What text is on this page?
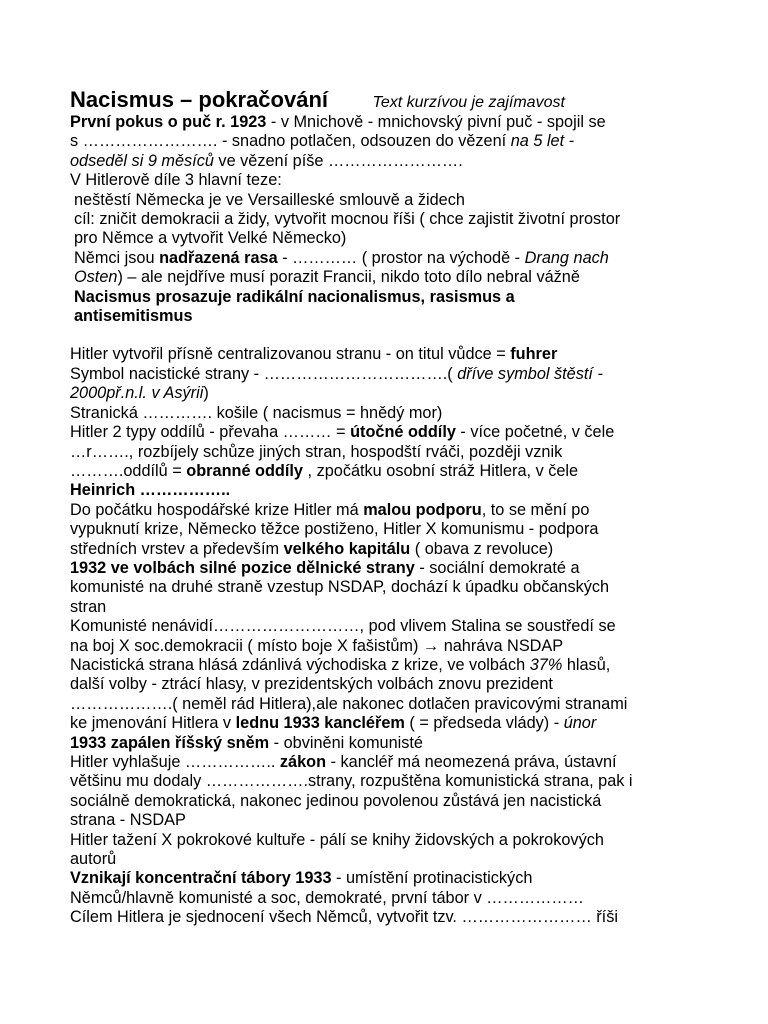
Nacismus – pokračování	Text kurzívou je zajímavost
První pokus o puč r. 1923 - v Mnichově - mnichovský pivní puč - spojil se
s ……………………. - snadno potlačen, odsouzen do vězení na 5 let -
odseděl si 9 měsíců ve vězení píše …………………….
V Hitlerově díle 3 hlavní teze:
neštěstí Německa je ve Versailleské smlouvě a židech
cíl: zničit demokracii a židy, vytvořit mocnou říši ( chce zajistit životní prostor
pro Němce a vytvořit Velké Německo)
Němci jsou nadřazená rasa - ………… ( prostor na východě - Drang nach
Osten) – ale nejdříve musí porazit Francii, nikdo toto dílo nebral vážně
Nacismus prosazuje radikální nacionalismus, rasismus a
antisemitismus
Hitler vytvořil přísně centralizovanou stranu - on titul vůdce = fuhrer
Symbol nacistické strany - …………………………….( dříve symbol štěstí -
2000př.n.l. v Asýrii)
Stranická …………. košile ( nacismus = hnědý mor)
Hitler 2 typy oddílů - převaha ……… = útočné oddíly - více početné, v čele
…r……., rozbíjely schůze jiných stran, hospodští rváči, později vznik
……….oddílů = obranné oddíly , zpočátku osobní stráž Hitlera, v čele
Heinrich ……………..
Do počátku hospodářské krize Hitler má malou podporu, to se mění po
vypuknutí krize, Německo těžce postiženo, Hitler X komunismu - podpora
středních vrstev a především velkého kapitálu ( obava z revoluce)
1932 ve volbách silné pozice dělnické strany - sociální demokraté a
komunisté na druhé straně vzestup NSDAP, dochází k úpadku občanských
stran
Komunisté nenávidí………………………, pod vlivem Stalina se soustředí se
na boj X soc.demokracii ( místo boje X fašistům) → nahráva NSDAP
Nacistická strana hlásá zdánlivá východiska z krize, ve volbách 37% hlasů,
další volby - ztrácí hlasy, v prezidentských volbách znovu prezident
……………….( neměl rád Hitlera),ale nakonec dotlačen pravicovými stranami
ke jmenování Hitlera v lednu 1933 kancléřem ( = předseda vlády) - únor
1933 zapálen říšský sněm - obviněni komunisté
Hitler vyhlašuje …………….. zákon - kancléř má neomezená práva, ústavní
většinu mu dodaly ……………….strany, rozpuštěna komunistická strana, pak i
sociálně demokratická, nakonec jedinou povolenou zůstává jen nacistická
strana - NSDAP
Hitler tažení X pokrokové kultuře - pálí se knihy židovských a pokrokových
autorů
Vznikají koncentrační tábory 1933 - umístění protinacistických
Němců/hlavně komunisté a soc, demokraté, první tábor v ………………
Cílem Hitlera je sjednocení všech Němců, vytvořit tzv. …………………… říši
